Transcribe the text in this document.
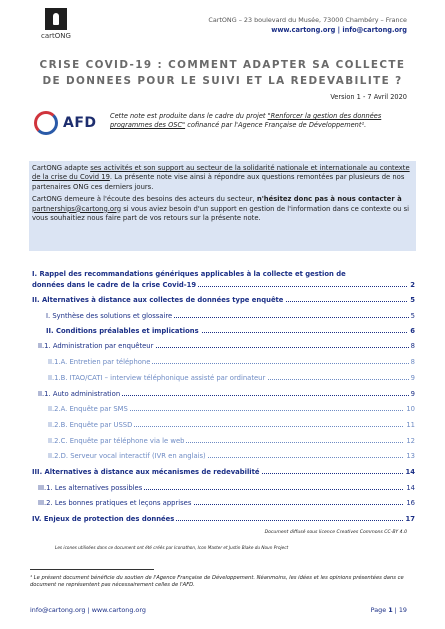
cartONG
CartONG – 23 boulevard du Musée, 73000 Chambéry – France
www.cartong.org | info@cartong.org
CRISE COVID-19 : COMMENT ADAPTER SA COLLECTE
DE DONNEES POUR LE SUIVI ET LA REDEVABILITE ?
Version 1 - 7 Avril 2020
AFD Cette note est produite dans le cadre du projet "Renforcer la gestion des données programmes des OSC" cofinancé par l'Agence Française de Développement¹.

CartONG adapte ses activités et son support au secteur de la solidarité nationale et internationale au contexte de la crise du Covid 19. La présente note vise ainsi à répondre aux questions remontées par plusieurs de nos partenaires ONG ces derniers jours.

CartONG demeure à l'écoute des besoins des acteurs du secteur, n'hésitez donc pas à nous contacter à partnerships@cartong.org si vous aviez besoin d'un support en gestion de l'information dans ce contexte ou si vous souhaitiez nous faire part de vos retours sur la présente note.

I. Rappel des recommandations génériques applicables à la collecte et gestion de
données dans le cadre de la crise Covid-19	2
II. Alternatives à distance aux collectes de données type enquête	5
I. Synthèse des solutions et glossaire	5
II. Conditions préalables et implications	6
II.1. Administration par enquêteur	8
II.1.A. Entretien par téléphone	8
II.1.B. ITAO/CATI – interview téléphonique assisté par ordinateur	9
II.1. Auto administration	9
II.2.A. Enquête par SMS	10
II.2.B. Enquête par USSD	11
II.2.C. Enquête par téléphone via le web	12
II.2.D. Serveur vocal interactif (IVR en anglais)	13
III. Alternatives à distance aux mécanismes de redevabilité	14
III.1. Les alternatives possibles	14
III.2. Les bonnes pratiques et leçons apprises	16
IV. Enjeux de protection des données	17
Document diffusé sous licence Creatives Commons CC-BY 4.0
Les icones utilisées dans ce document ont été créés par Iconathon, Icon Master et Justin Blake du Noun Project
¹ Le présent document bénéficie du soutien de l'Agence Française de Développement. Néanmoins, les idées et les opinions présentées dans ce document ne représentent pas nécessairement celles de l'AFD.
info@cartong.org | www.cartong.org	Page 1 | 19
